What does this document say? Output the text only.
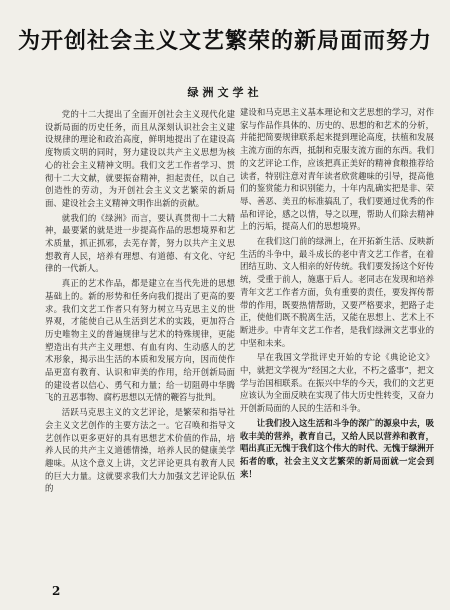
为开创社会主义文艺繁荣的新局面而努力
绿洲文学社

党的十二大提出了全面开创社会主义现代化建设新局面的历史任务，而且从深刻认识社会主义建设规律的理论和政治高度，鲜明地提出了在建设高度物质文明的同时，努力建设以共产主义思想为核心的社会主义精神文明。我们文艺工作者学习、贯彻十二大文献，就要振奋精神，担起责任，以自己创造性的劳动，为开创社会主义文艺繁荣的新局面、建设社会主义精神文明作出新的贡献。

就我们的《绿洲》而言，要认真贯彻十二大精神，最要紧的就是进一步提高作品的思想境界和艺术质量，抓正抓邪，去芜存菁，努力以共产主义思想教育人民，培养有理想、有道德、有文化、守纪律的一代新人。

真正的艺术作品，都是建立在当代先进的思想基础上的。新的形势和任务向我们提出了更高的要求。我们文艺工作者只有努力树立马克思主义的世界观，才能使自己从生活到艺术的实践，更加符合历史唯物主义的普遍规律与艺术的特殊规律，更能塑造出有共产主义理想、有血有肉、生动感人的艺术形象，揭示出生活的本质和发展方向，因而使作品更富有教育、认识和审美的作用，给开创新局面的建设者以信心、勇气和力量；给一切阻碍中华腾飞的丑恶事物、腐朽思想以无情的鞭笞与批判。

活跃马克思主义的文艺评论，是繁荣和指导社会主义文艺创作的主要方法之一。它召唤和指导文艺创作以更多更好的具有思想艺术价值的作品，培养人民的共产主义道德情操，培养人民的健康美学趣味。从这个意义上讲，文艺评论更具有教育人民的巨大力量。这就要求我们大力加强文艺评论队伍的

建设和马克思主义基本理论和文艺思想的学习，对作家与作品作具体的、历史的、思想的和艺术的分析，并能把简要规律联系起来提到理论高度，扶植和发展主流方面的东西，抵制和克服支流方面的东西。我们的文艺评论工作，应该把真正美好的精神食粮推荐给读者，特别注意对青年读者欣赏趣味的引导，提高他们的鉴赏能力和识别能力，十年内乱确实把是非、荣辱、善恶、美丑的标准搞乱了，我们要通过优秀的作品和评论，感之以情，导之以理，帮助人们除去精神上的污垢，提高人们的思想境界。

在我们这门前的绿洲上，在开拓新生活、反映新生活的斗争中，最斗成长的老中青文艺工作者，在着团结互助、文人相亲的好传统。我们要发扬这个好传统，受重于前人，施惠于后人。老同志在发现和培养青年文艺工作者方面，负有重要的责任，要发挥传帮带的作用，既要热情帮助，又要严格要求，把路子走正，使他们既不脱离生活，又能在思想上、艺术上不断进步。中青年文艺工作者，是我们绿洲文艺事业的中坚和未来。

早在我国文学批评史开始的专论《典论论文》中，就把文学视为“经国之大业，不朽之盛事”，把文学与治国相联系。在振兴中华的今天，我们的文艺更应该认为全面反映在实现了伟大历史性转变，又奋力开创新局面的人民的生活和斗争。

让我们投入这生活和斗争的深广的源泉中去，吸收丰美的营养，教育自己，又给人民以营养和教育，唱出真正无愧于我们这个伟大的时代、无愧于绿洲开拓者的歌，社会主义文艺繁荣的新局面就一定会到来！

2
